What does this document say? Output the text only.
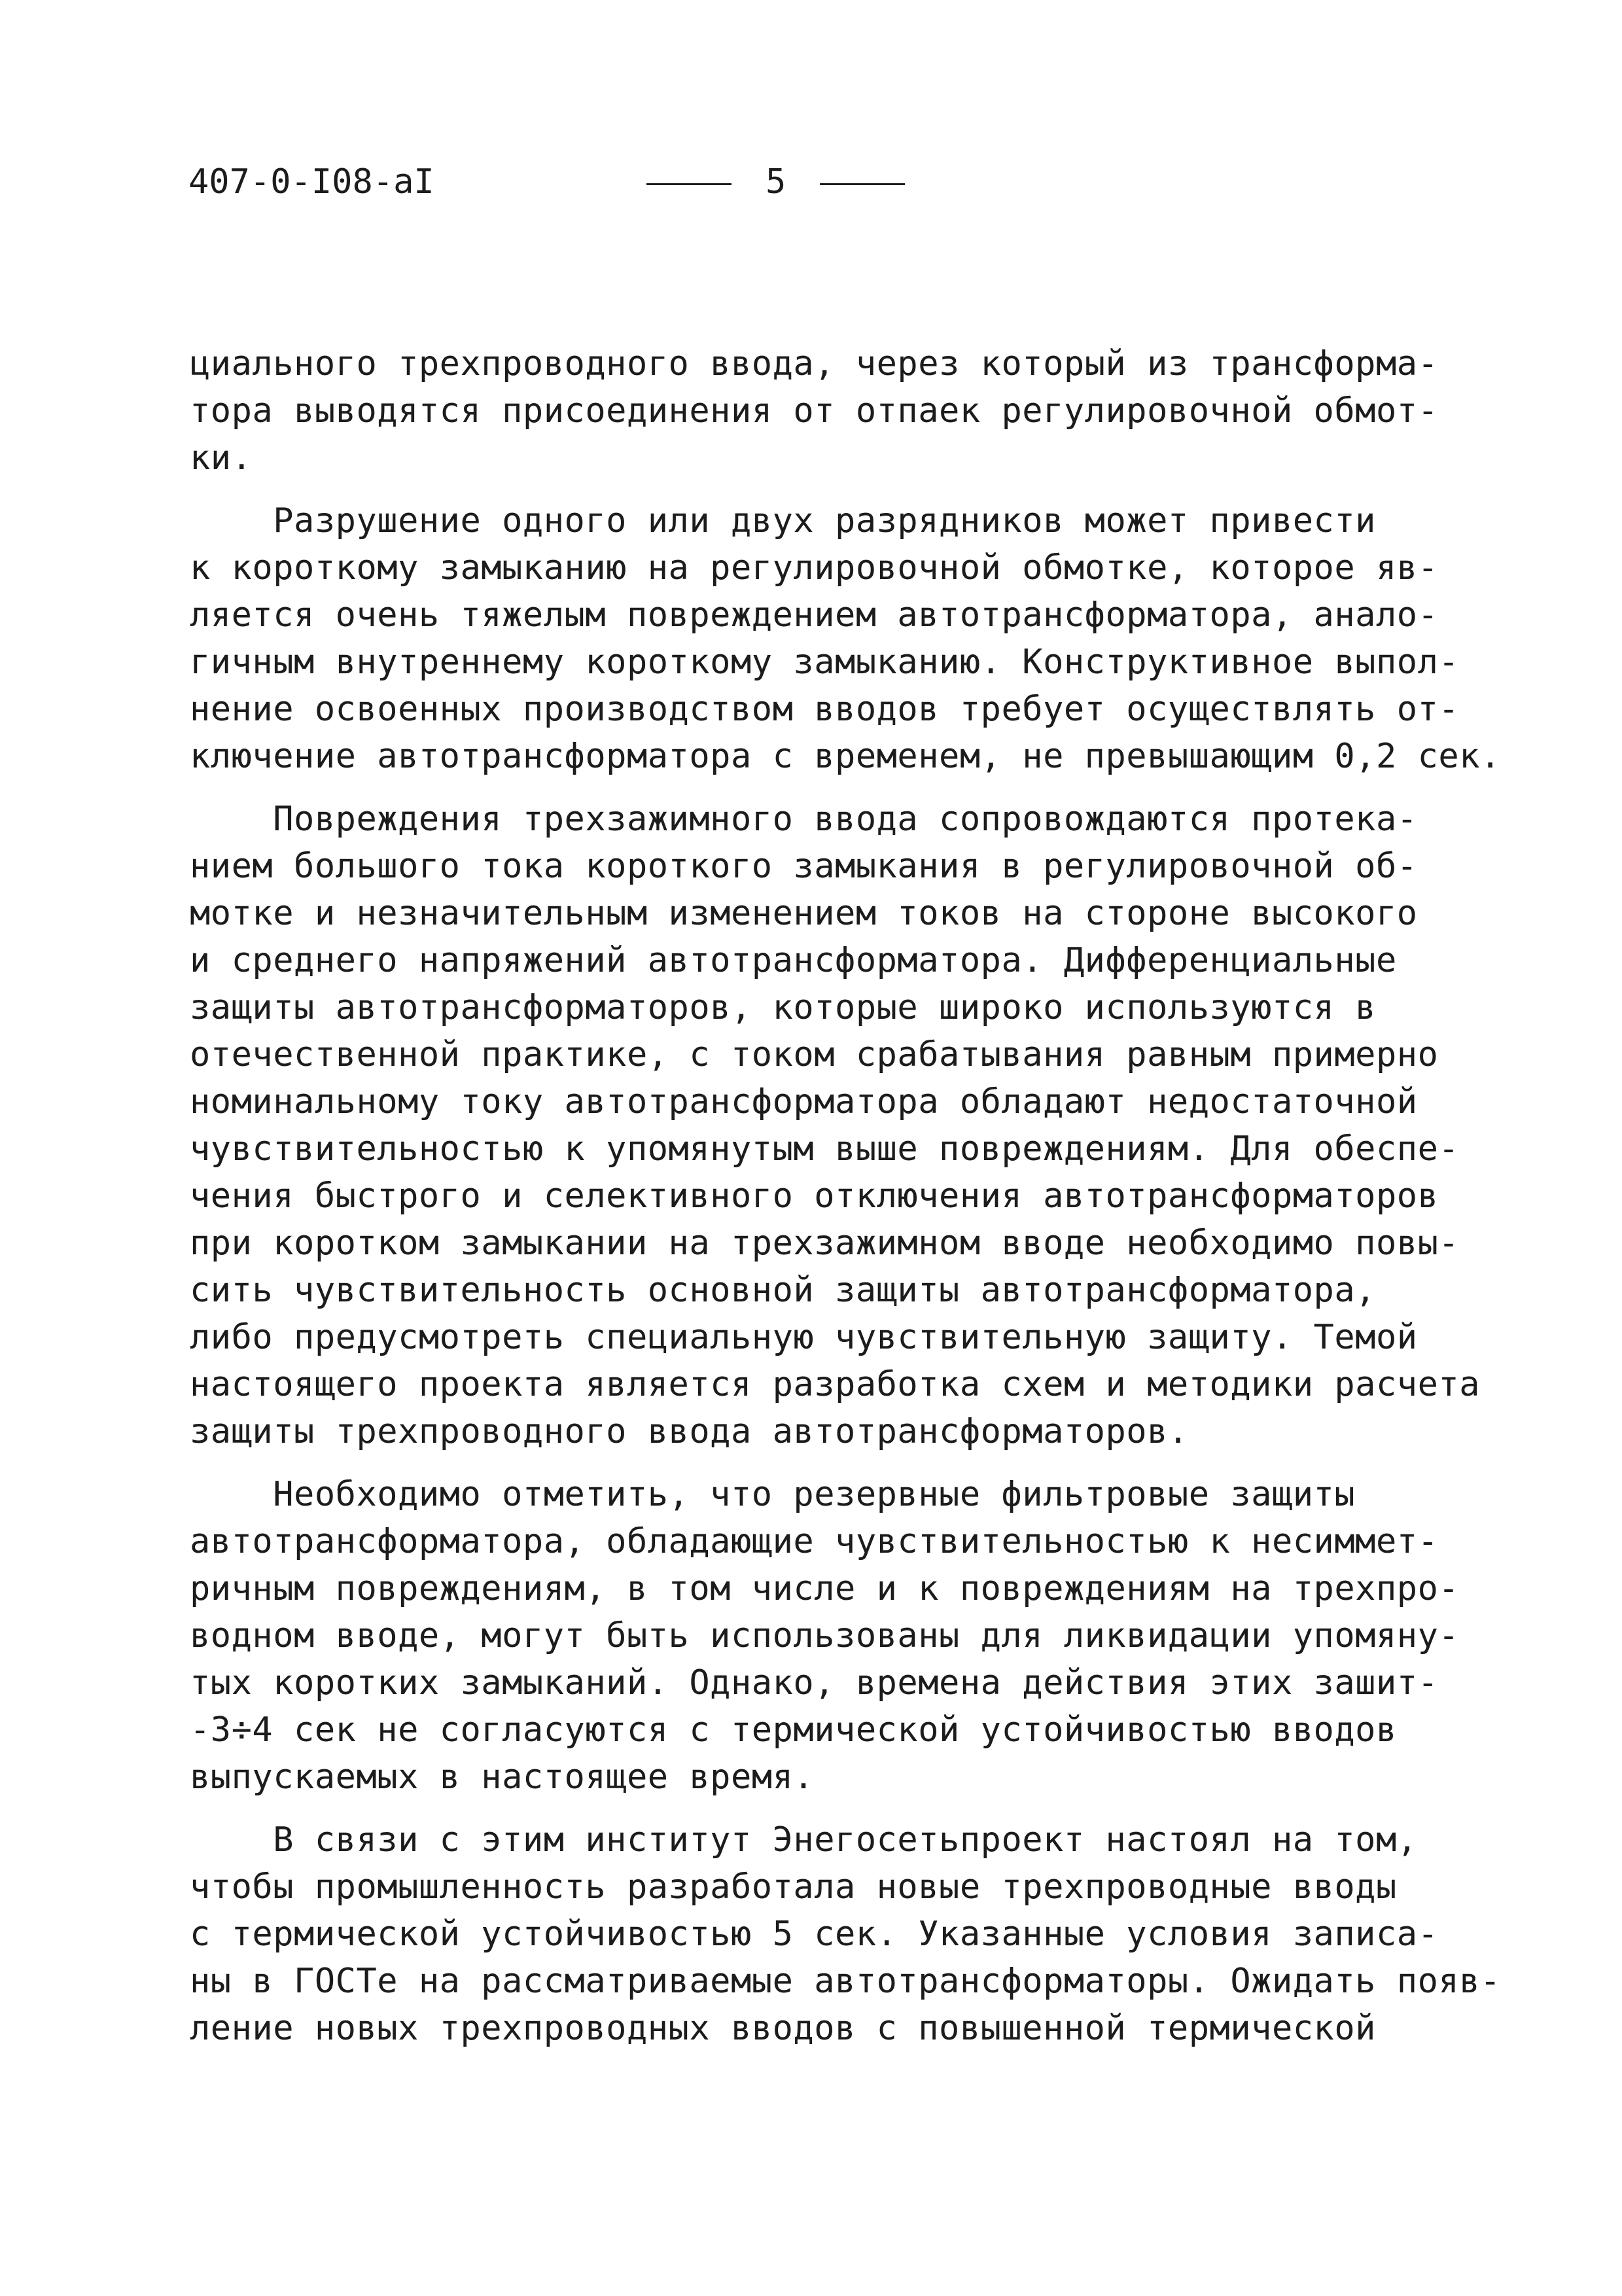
407-0-I08-aI	5
циального трехпроводного ввода, через который из трансформа-
тора выводятся присоединения от отпаек регулировочной обмот-
ки.
Разрушение одного или двух разрядников может привести
к короткому замыканию на регулировочной обмотке, которое яв-
ляется очень тяжелым повреждением автотрансформатора, анало-
гичным внутреннему короткому замыканию. Конструктивное выпол-
нение освоенных производством вводов требует осуществлять от-
ключение автотрансформатора с временем, не превышающим 0,2 сек.
Повреждения трехзажимного ввода сопровождаются протека-
нием большого тока короткого замыкания в регулировочной об-
мотке и незначительным изменением токов на стороне высокого
и среднего напряжений автотрансформатора. Дифференциальные
защиты автотрансформаторов, которые широко используются в
отечественной практике, с током срабатывания равным примерно
номинальному току автотрансформатора обладают недостаточной
чувствительностью к упомянутым выше повреждениям. Для обеспе-
чения быстрого и селективного отключения автотрансформаторов
при коротком замыкании на трехзажимном вводе необходимо повы-
сить чувствительность основной защиты автотрансформатора,
либо предусмотреть специальную чувствительную защиту. Темой
настоящего проекта является разработка схем и методики расчета
защиты трехпроводного ввода автотрансформаторов.
Необходимо отметить, что резервные фильтровые защиты
автотрансформатора, обладающие чувствительностью к несиммет-
ричным повреждениям, в том числе и к повреждениям на трехпро-
водном вводе, могут быть использованы для ликвидации упомяну-
тых коротких замыканий. Однако, времена действия этих зашит-
-3÷4 сек не согласуются с термической устойчивостью вводов
выпускаемых в настоящее время.
В связи с этим институт Энегосетьпроект настоял на том,
чтобы промышленность разработала новые трехпроводные вводы
с термической устойчивостью 5 сек. Указанные условия записа-
ны в ГОСТе на рассматриваемые автотрансформаторы. Ожидать появ-
ление новых трехпроводных вводов с повышенной термической
